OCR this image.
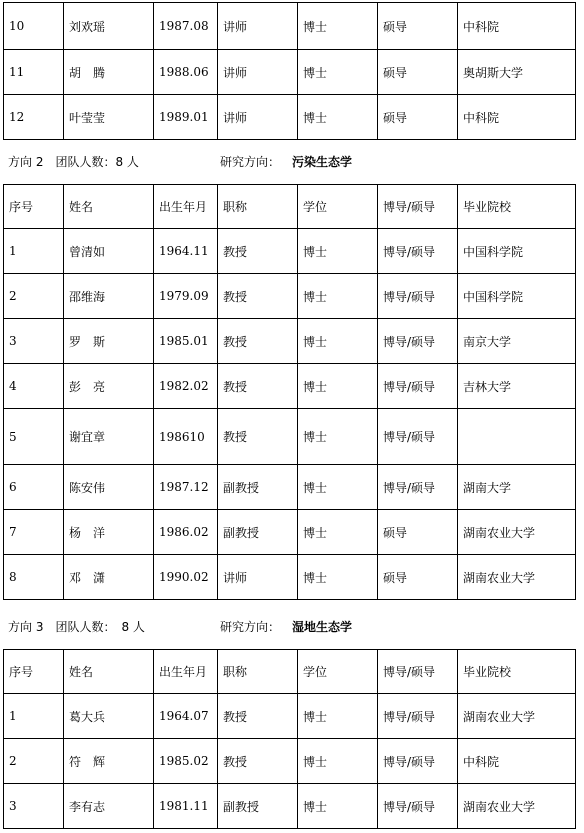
10	刘欢瑶	1987.08	讲师	博士	硕导	中科院
11	胡　腾	1988.06	讲师	博士	硕导	奥胡斯大学
12	叶莹莹	1989.01	讲师	博士	硕导	中科院
方向 2　团队人数：8 人	研究方向： 污染生态学
序号	姓名	出生年月	职称	学位	博导/硕导	毕业院校
1	曾清如	1964.11	教授	博士	博导/硕导	中国科学院
2	邵维海	1979.09	教授	博士	博导/硕导	中国科学院
3	罗　斯	1985.01	教授	博士	博导/硕导	南京大学
4	彭　亮	1982.02	教授	博士	博导/硕导	吉林大学
5	谢宜章	198610	教授	博士	博导/硕导	
6	陈安伟	1987.12	副教授	博士	博导/硕导	湖南大学
7	杨　洋	1986.02	副教授	博士	硕导	湖南农业大学
8	邓　潇	1990.02	讲师	博士	硕导	湖南农业大学
方向 3　团队人数：　8 人	研究方向： 湿地生态学
序号	姓名	出生年月	职称	学位	博导/硕导	毕业院校
1	葛大兵	1964.07	教授	博士	博导/硕导	湖南农业大学
2	符　辉	1985.02	教授	博士	博导/硕导	中科院
3	李有志	1981.11	副教授	博士	博导/硕导	湖南农业大学
